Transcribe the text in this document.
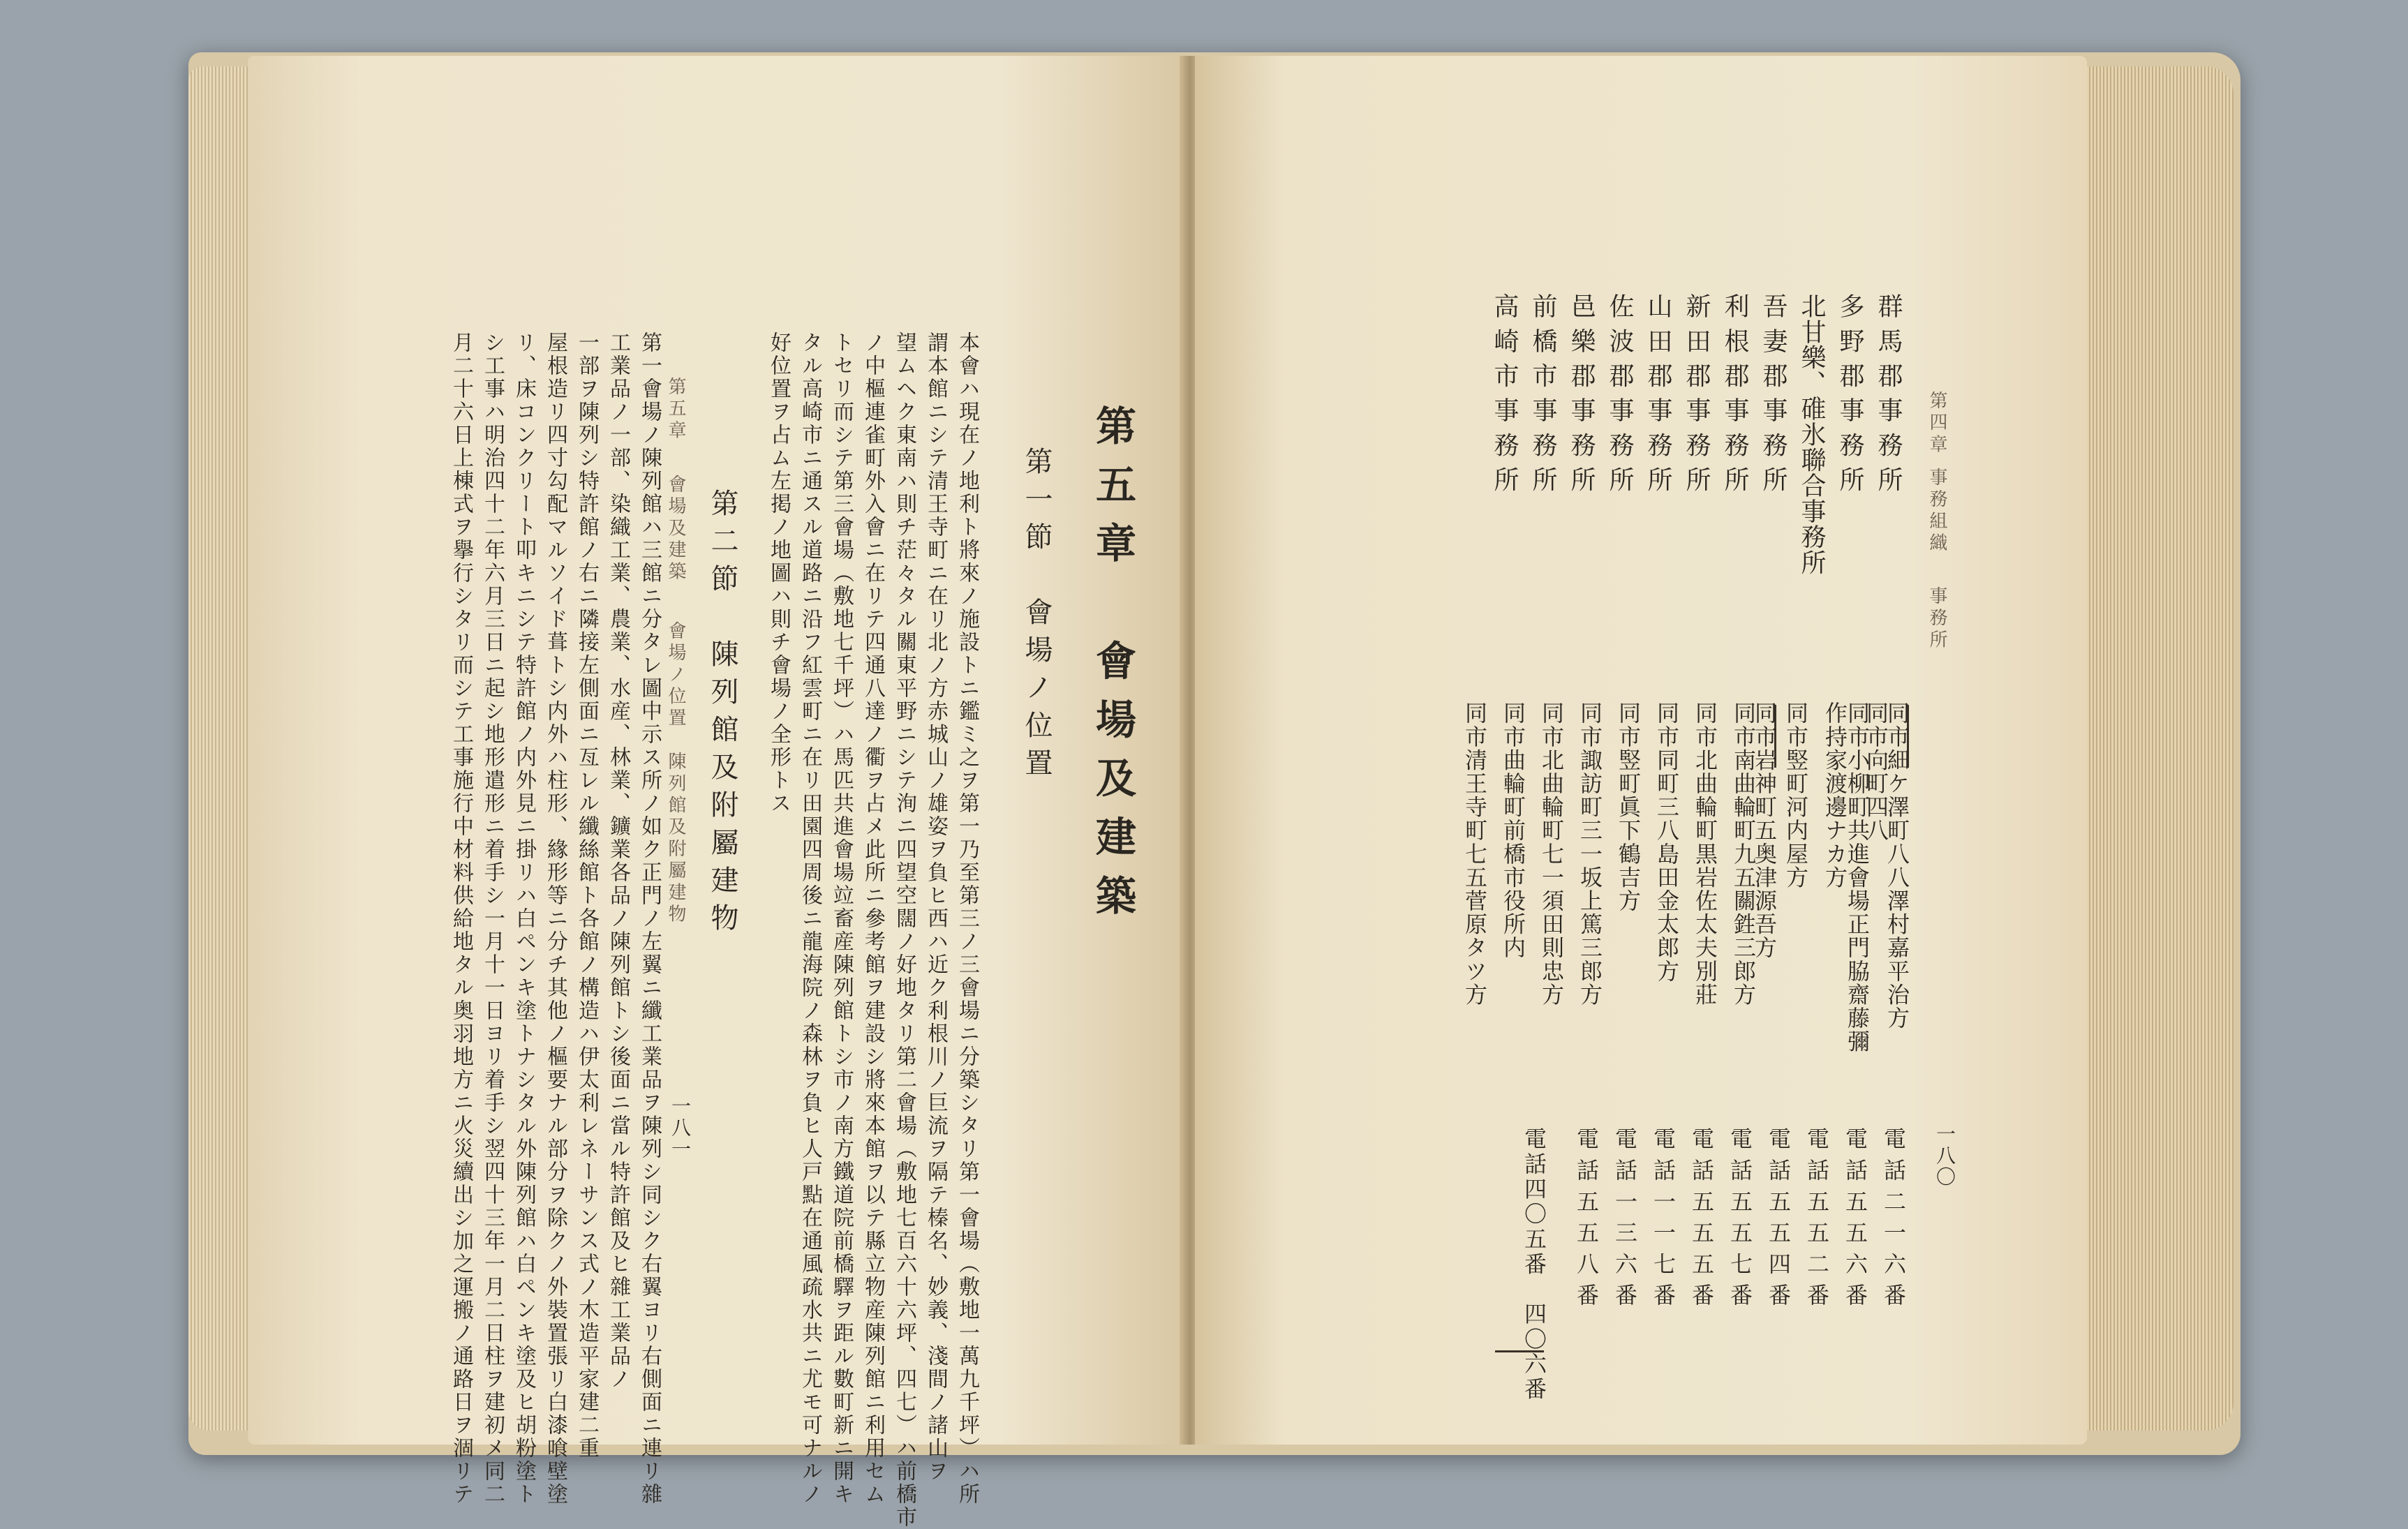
一八一
第五章
會場及建築
會場ノ位置　陳列館及附屬建物	第五章　會場及建築
第一節　會場ノ位置
本會ハ現在ノ地利ト將來ノ施設トニ鑑ミ之ヲ第一乃至第三ノ三會場ニ分築シタリ第一會場（敷地一萬九千坪）ハ所
謂本館ニシテ清王寺町ニ在リ北ノ方赤城山ノ雄姿ヲ負ヒ西ハ近ク利根川ノ巨流ヲ隔テ榛名、妙義、淺間ノ諸山ヲ
望ムヘク東南ハ則チ茫々タル關東平野ニシテ洵ニ四望空闊ノ好地タリ第二會場（敷地七百六十六坪、四七）ハ前橋市
ノ中樞連雀町外入會ニ在リテ四通八達ノ衢ヲ占メ此所ニ參考館ヲ建設シ將來本館ヲ以テ縣立物産陳列館ニ利用セム
トセリ而シテ第三會場（敷地七千坪）ハ馬匹共進會場竝畜産陳列館トシ市ノ南方鐵道院前橋驛ヲ距ル數町新ニ開キ
タル高崎市ニ通スル道路ニ沿フ紅雲町ニ在リ田園四周後ニ龍海院ノ森林ヲ負ヒ人戸點在通風疏水共ニ尤モ可ナルノ
好位置ヲ占ム左掲ノ地圖ハ則チ會場ノ全形トス
第二節　陳列館及附屬建物
第一會場ノ陳列館ハ三館ニ分タレ圖中示ス所ノ如ク正門ノ左翼ニ纖工業品ヲ陳列シ同シク右翼ヨリ右側面ニ連リ雜
工業品ノ一部、染織工業、農業、水産、林業、鑛業各品ノ陳列館トシ後面ニ當ル特許館及ヒ雜工業品ノ
一部ヲ陳列シ特許館ノ右ニ隣接左側面ニ亙レル纖絲館ト各館ノ構造ハ伊太利レネーサンス式ノ木造平家建二重
屋根造リ四寸勾配マルソイド葺トシ内外ハ柱形、緣形等ニ分チ其他ノ樞要ナル部分ヲ除クノ外裝置張リ白漆喰壁塗
リ、床コンクリート叩キニシテ特許館ノ内外見ニ掛リハ白ペンキ塗トナシタル外陳列館ハ白ペンキ塗及ヒ胡粉塗ト
シ工事ハ明治四十二年六月三日ニ起シ地形遣形ニ着手シ一月十一日ヨリ着手シ翌四十三年一月二日柱ヲ建初メ同二
月二十六日上棟式ヲ擧行シタリ而シテ工事施行中材料供給地タル奥羽地方ニ火災續出シ加之運搬ノ通路日ヲ涸リテ	第四章
事務組織
事務所
一八〇
群馬郡事務所
多野郡事務所
北甘樂、碓氷聯合事務所
吾妻郡事務所
利根郡事務所
新田郡事務所
山田郡事務所
佐波郡事務所
邑樂郡事務所
前橋市事務所
高崎市事務所
同市細ケ澤町八八澤村嘉平治方
同市向町四八
同市小柳町共進會場正門脇齋藤彌作持家渡邊ナカ方
同市竪町河内屋方
同市岩神町五奥津源吾方
同市南曲輪町九五關鉎三郎方
同市北曲輪町黒岩佐太夫別莊
同市同町三八島田金太郎方
同市竪町眞下鶴吉方
同市諏訪町三一坂上篤三郎方
同市北曲輪町七一須田則忠方
同市曲輪町前橋市役所内
同市清王寺町七五菅原タツ方
電話二一六番
電話五五六番
電話五五二番
電話五五四番
電話五五七番
電話五五五番
電話一一七番
電話一三六番
電話五五八番
電話四〇五番　四〇六番
